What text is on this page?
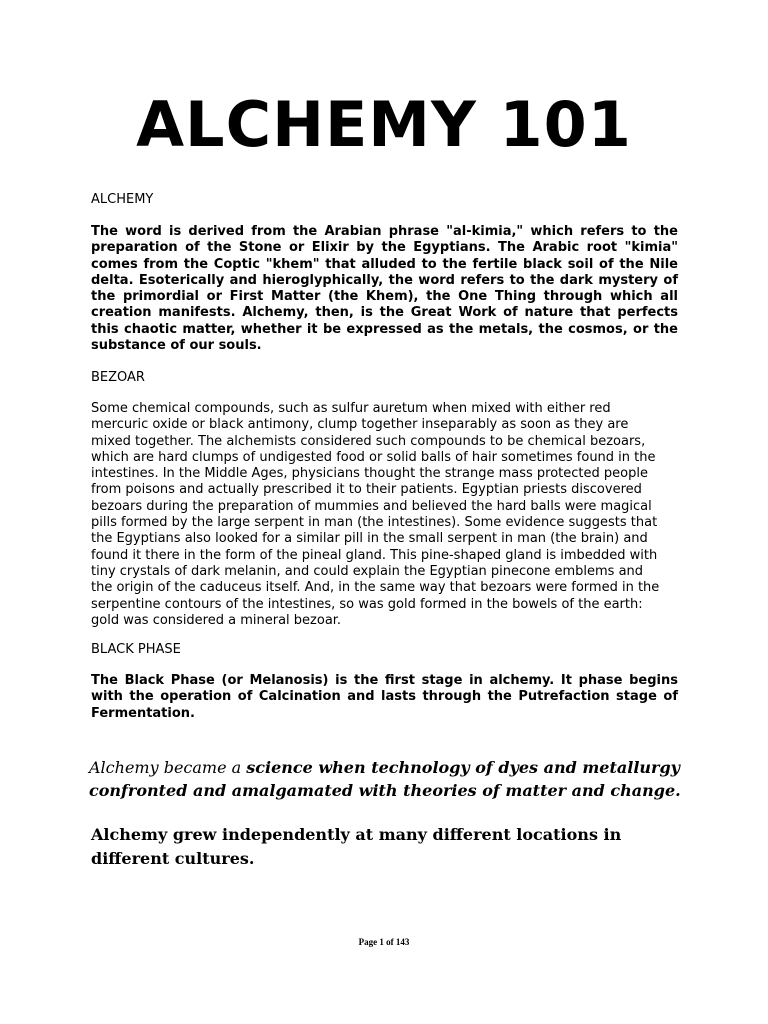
ALCHEMY 101

ALCHEMY

The word is derived from the Arabian phrase "al-kimia," which refers to the preparation of the Stone or Elixir by the Egyptians. The Arabic root "kimia" comes from the Coptic "khem" that alluded to the fertile black soil of the Nile delta. Esoterically and hieroglyphically, the word refers to the dark mystery of the primordial or First Matter (the Khem), the One Thing through which all creation manifests. Alchemy, then, is the Great Work of nature that perfects this chaotic matter, whether it be expressed as the metals, the cosmos, or the substance of our souls.

BEZOAR

Some chemical compounds, such as sulfur auretum when mixed with either red mercuric oxide or black antimony, clump together inseparably as soon as they are mixed together. The alchemists considered such compounds to be chemical bezoars, which are hard clumps of undigested food or solid balls of hair sometimes found in the intestines. In the Middle Ages, physicians thought the strange mass protected people from poisons and actually prescribed it to their patients. Egyptian priests discovered bezoars during the preparation of mummies and believed the hard balls were magical pills formed by the large serpent in man (the intestines). Some evidence suggests that the Egyptians also looked for a similar pill in the small serpent in man (the brain) and found it there in the form of the pineal gland. This pine-shaped gland is imbedded with tiny crystals of dark melanin, and could explain the Egyptian pinecone emblems and the origin of the caduceus itself. And, in the same way that bezoars were formed in the serpentine contours of the intestines, so was gold formed in the bowels of the earth: gold was considered a mineral bezoar.

BLACK PHASE

The Black Phase (or Melanosis) is the first stage in alchemy. It phase begins with the operation of Calcination and lasts through the Putrefaction stage of Fermentation.

Alchemy became a science when technology of dyes and metallurgy confronted and amalgamated with theories of matter and change.

Alchemy grew independently at many different locations in different cultures.

Page 1 of 143
